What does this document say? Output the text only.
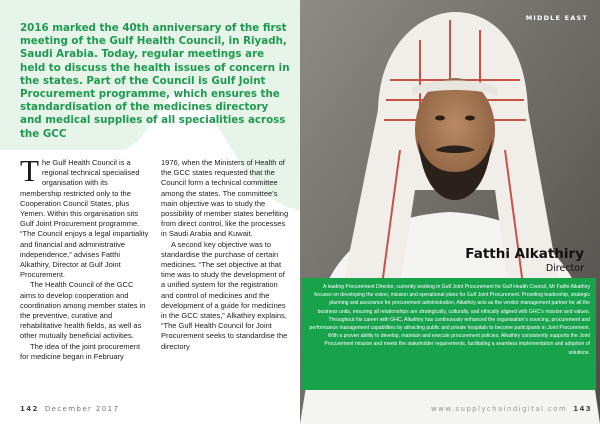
2016 marked the 40th anniversary of the first meeting of the Gulf Health Council, in Riyadh, Saudi Arabia. Today, regular meetings are held to discuss the health issues of concern in the states. Part of the Council is Gulf Joint Procurement programme, which ensures the standardisation of the medicines directory and medical supplies of all specialities across the GCC

The Gulf Health Council is a regional technical specialised organisation with its membership restricted only to the Cooperation Council States, plus Yemen. Within this organisation sits Gulf Joint Procurement programme. “The Council enjoys a legal impartiality and financial and administrative independence,” advises Fatthi Alkathiry, Director at Gulf Joint Procurement.

The Health Council of the GCC aims to develop cooperation and coordination among member states in the preventive, curative and rehabilitative health fields, as well as other mutually beneficial activities.

The idea of the joint procurement for medicine began in February

1976, when the Ministers of Health of the GCC states requested that the Council form a technical committee among the states. The committee’s main objective was to study the possibility of member states benefiting from direct control, like the processes in Saudi Arabia and Kuwait.

A second key objective was to standardise the purchase of certain medicines. “The set objective at that time was to study the development of a unified system for the registration and control of medicines and the development of a guide for medicines in the GCC states,” Alkathiry explains, “The Gulf Health Council for Joint Procurement seeks to standardise the directory

142 December 2017
MIDDLE EAST
Fatthi Alkathiry
Director

A leading Procurement Director, currently working in Gulf Joint Procurement for Gulf Health Council, Mr Fatthi Alkathiry focuses on developing the vision, mission and operational plans for Gulf Joint Procurement. Providing leadership, strategic planning and assurance for procurement administration, Alkathiry acts as the vendor management partner for all the business units, ensuring all relationships are strategically, culturally, and ethically aligned with GHC’s mission and values. Throughout his career with GHC, Alkathiry has continuously enhanced the organisation’s sourcing, procurement and performance management capabilities by attracting public and private hospitals to become participants in Joint Procurement. With a proven ability to develop, maintain and execute procurement policies, Alkathiry consistently supports the Joint Procurement mission and meets the stakeholder requirements, facilitating a seamless implementation and adoption of solutions.

www.supplychaindigital.com 143
